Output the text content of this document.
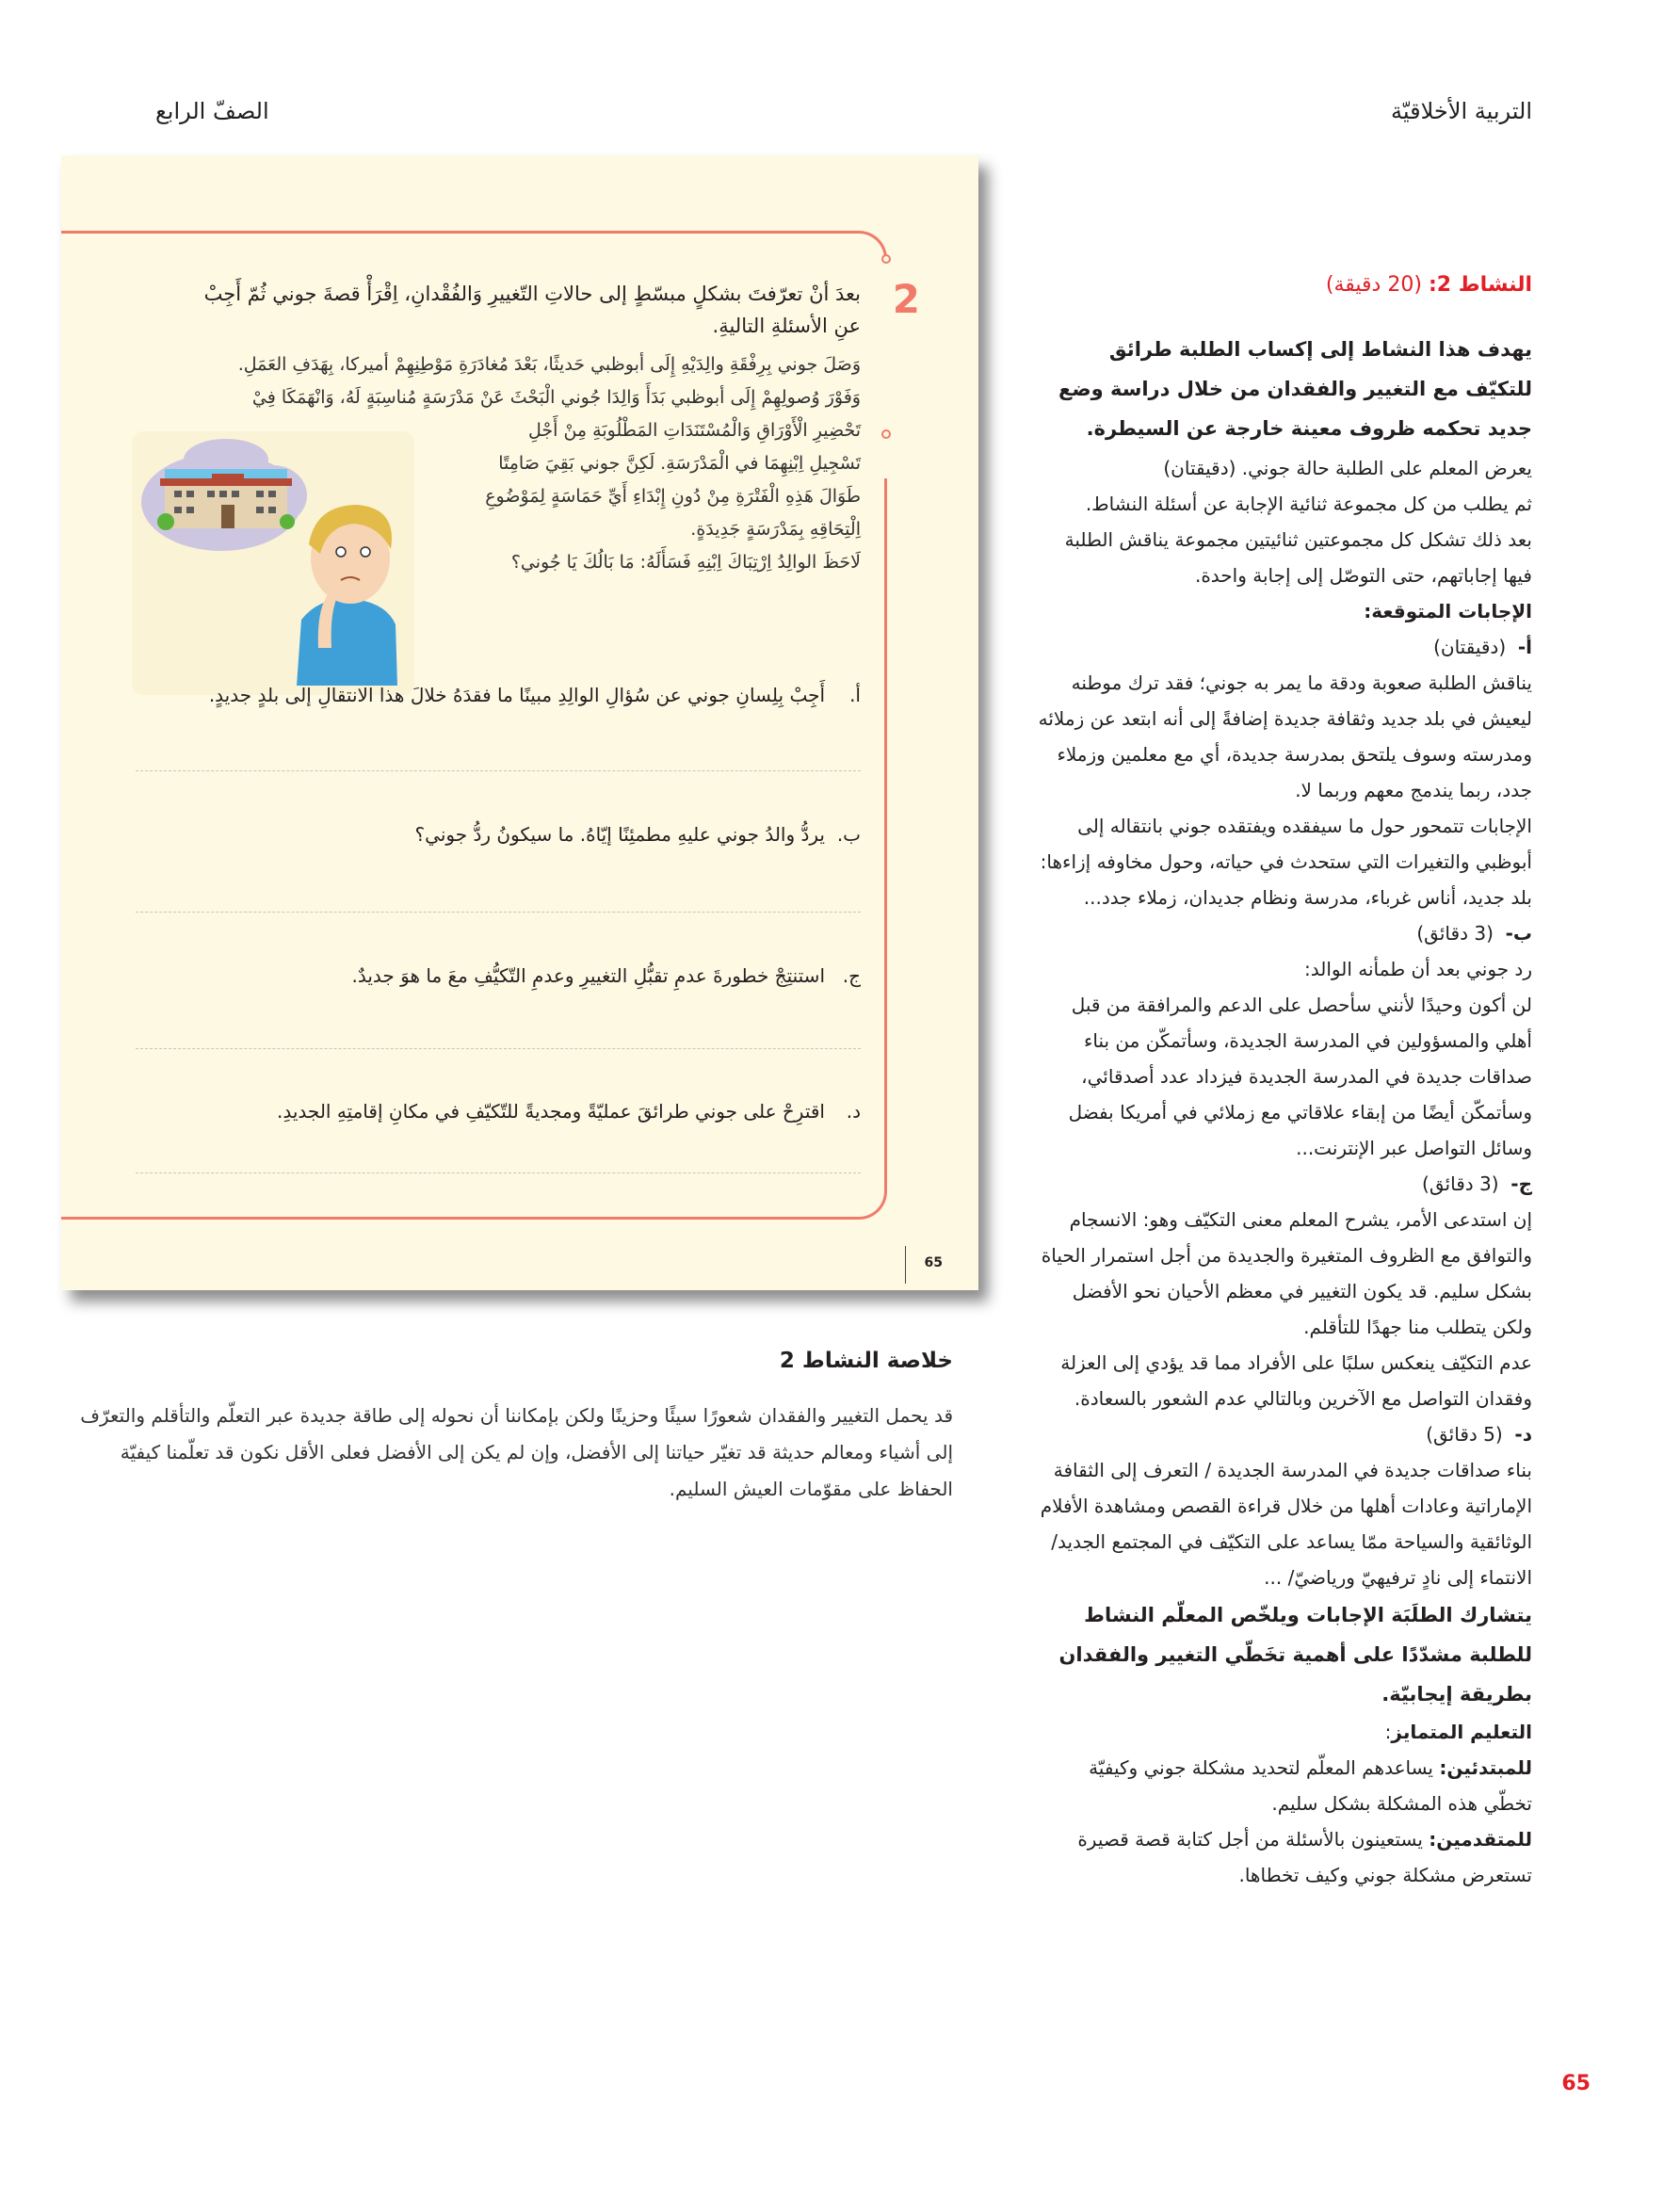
التربية الأخلاقيّة
الصفّ الرابع
2
بعدَ أنْ تعرّفتَ بشكلٍ مبسّطٍ إلى حالاتِ التّغييرِ وَالفُقْدانِ، اِقْرَأْ قصةَ جوني ثُمّ أَجِبْ عنِ الأسئلةِ التاليةِ.
وَصَلَ جوني بِرِفْقَةِ والِدَيْهِ إِلَى أبوظبي حَديثًا، بَعْدَ مُغادَرَةِ مَوْطِنِهِمْ أميركا، بِهَدَفِ العَمَلِ.
وَفَوْرَ وُصولِهِمْ إِلَى أبوظبي بَدَأَ وَالِدَا جُوني الْبَحْثَ عَنْ مَدْرَسَةٍ مُناسِبَةٍ لَهُ، وَانْهَمَكَا فِيْ
تَحْضِيرِ الْأَوْرَاقِ وَالْمُسْتَنَدَاتِ المَطْلُوبَةِ مِنْ أَجْلِ
تَسْجِيلِ اِبْنِهِمَا في الْمَدْرَسَةِ. لَكِنَّ جوني بَقِيَ صَامِتًا
طَوَالَ هَذِهِ الْفَتْرَةِ مِنْ دُونِ إِبْدَاءِ أَيِّ حَمَاسَةٍ لِمَوْضُوعِ
اِلْتِحَاقِهِ بِمَدْرَسَةٍ جَدِيدَةٍ.
لَاحَظَ الوالِدُ اِرْتِبَاكَ اِبْنِهِ فَسَأَلَهُ: مَا بَالُكَ يَا جُوني؟
أ.أَجِبْ بِلِسانِ جوني عن سُؤالِ الوالِدِ مبينًا ما فقدَهُ خلالَ هذا الانتقالِ إلى بلدٍ جديدٍ.
ب.يردُّ والدُ جوني عليهِ مطمئِنًا إيّاهُ. ما سيكونُ ردُّ جوني؟
ج.استنتِجْ خطورةَ عدمِ تقبُّلِ التغييرِ وعدمِ التّكيُّفِ معَ ما هوَ جديدٌ.
د.اقترِحْ على جوني طرائقَ عمليّةً ومجديةً للتّكيّفِ في مكانِ إقامتِهِ الجديدِ.
65
خلاصة النشاط 2
قد يحمل التغيير والفقدان شعورًا سيئًا وحزينًا ولكن بإمكاننا أن نحوله إلى طاقة جديدة عبر التعلّم والتأقلم والتعرّف إلى أشياء ومعالم حديثة قد تغيّر حياتنا إلى الأفضل، وإن لم يكن إلى الأفضل فعلى الأقل نكون قد تعلّمنا كيفيّة الحفاظ على مقوّمات العيش السليم.
النشاط 2: (20 دقيقة)
يهدف هذا النشاط إلى إكساب الطلبة طرائق للتكيّف مع التغيير والفقدان من خلال دراسة وضع جديد تحكمه ظروف معينة خارجة عن السيطرة.

يعرض المعلم على الطلبة حالة جوني. (دقيقتان)

ثم يطلب من كل مجموعة ثنائية الإجابة عن أسئلة النشاط.

بعد ذلك تشكل كل مجموعتين ثنائيتين مجموعة يناقش الطلبة فيها إجاباتهم، حتى التوصّل إلى إجابة واحدة.

الإجابات المتوقعة:

أ-  (دقيقتان)

يناقش الطلبة صعوبة ودقة ما يمر به جوني؛ فقد ترك موطنه ليعيش في بلد جديد وثقافة جديدة إضافةً إلى أنه ابتعد عن زملائه ومدرسته وسوف يلتحق بمدرسة جديدة، أي مع معلمين وزملاء جدد، ربما يندمج معهم وربما لا.

الإجابات تتمحور حول ما سيفقده ويفتقده جوني بانتقاله إلى أبوظبي والتغيرات التي ستحدث في حياته، وحول مخاوفه إزاءها: بلد جديد، أناس غرباء، مدرسة ونظام جديدان، زملاء جدد...

ب-  (3 دقائق)

رد جوني بعد أن طمأنه الوالد:

لن أكون وحيدًا لأنني سأحصل على الدعم والمرافقة من قبل أهلي والمسؤولين في المدرسة الجديدة، وسأتمكّن من بناء صداقات جديدة في المدرسة الجديدة فيزداد عدد أصدقائي، وسأتمكّن أيضًا من إبقاء علاقاتي مع زملائي في أمريكا بفضل وسائل التواصل عبر الإنترنت...

ج-  (3 دقائق)

إن استدعى الأمر، يشرح المعلم معنى التكيّف وهو: الانسجام والتوافق مع الظروف المتغيرة والجديدة من أجل استمرار الحياة بشكل سليم. قد يكون التغيير في معظم الأحيان نحو الأفضل ولكن يتطلب منا جهدًا للتأقلم.

عدم التكيّف ينعكس سلبًا على الأفراد مما قد يؤدي إلى العزلة وفقدان التواصل مع الآخرين وبالتالي عدم الشعور بالسعادة.

د-  (5 دقائق)

بناء صداقات جديدة في المدرسة الجديدة / التعرف إلى الثقافة الإماراتية وعادات أهلها من خلال قراءة القصص ومشاهدة الأفلام الوثائقية والسياحة ممّا يساعد على التكيّف في المجتمع الجديد/ الانتماء إلى نادٍ ترفيهيّ ورياضيّ/ ...

يتشارك الطلَبَة الإجابات ويلخّص المعلّم النشاط للطلبة مشدّدًا على أهمية تخَطّي التغيير والفقدان بطريقة إيجابيّة.

التعليم المتمايز:

للمبتدئين: يساعدهم المعلّم لتحديد مشكلة جوني وكيفيّة تخطّي هذه المشكلة بشكل سليم.

للمتقدمين: يستعينون بالأسئلة من أجل كتابة قصة قصيرة تستعرض مشكلة جوني وكيف تخطاها.

65
